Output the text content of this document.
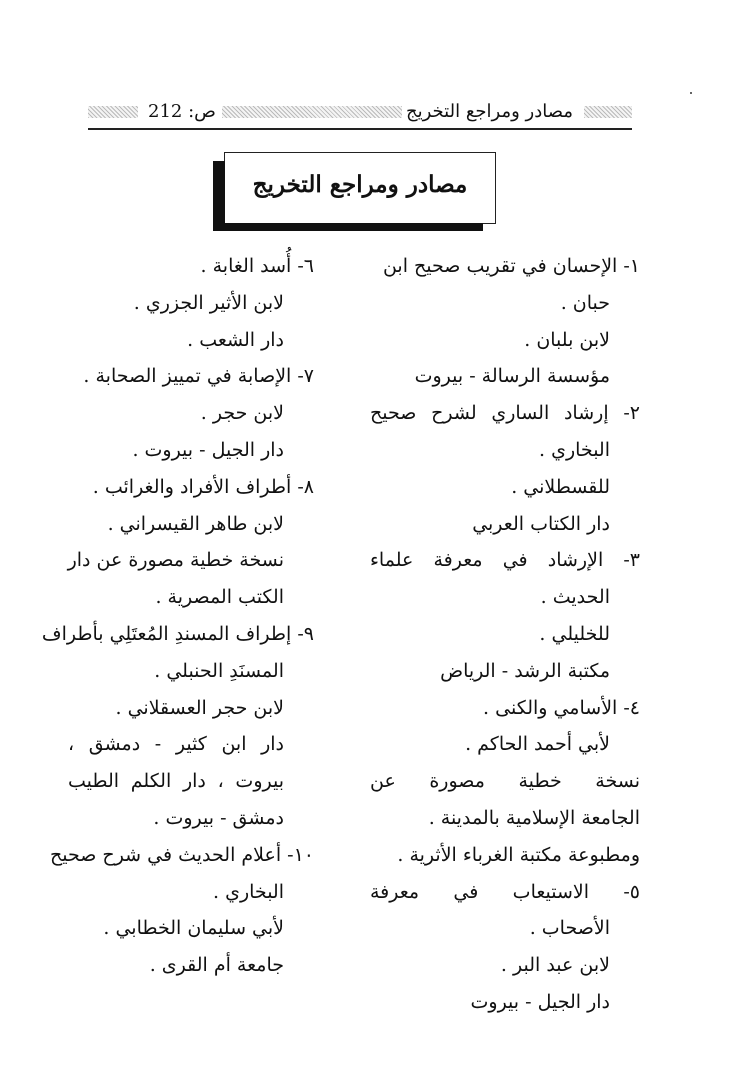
ص: 212	مصادر ومراجع التخريج
مصادر ومراجع التخريج
١- الإحسان في تقريب صحيح ابن
حبان .
لابن بلبان .
مؤسسة الرسالة - بيروت
٢- إرشاد الساري لشرح صحيح
البخاري .
للقسطلاني .
دار الكتاب العربي
٣- الإرشاد في معرفة علماء
الحديث .
للخليلي .
مكتبة الرشد - الرياض
٤- الأسامي والكنى .
لأبي أحمد الحاكم .
نسخة خطية مصورة عن
الجامعة الإسلامية بالمدينة .
ومطبوعة مكتبة الغرباء الأثرية .
٥- الاستيعاب في معرفة
الأصحاب .
لابن عبد البر .
دار الجيل - بيروت
٦- أُسد الغابة .
لابن الأثير الجزري .
دار الشعب .
٧- الإصابة في تمييز الصحابة .
لابن حجر .
دار الجيل - بيروت .
٨- أطراف الأفراد والغرائب .
لابن طاهر القيسراني .
نسخة خطية مصورة عن دار
الكتب المصرية .
٩- إطراف المسندِ المُعتَلِي بأطراف
المسنَدِ الحنبلي .
لابن حجر العسقلاني .
دار ابن كثير - دمشق ،
بيروت ، دار الكلم الطيب
دمشق - بيروت .
١٠- أعلام الحديث في شرح صحيح
البخاري .
لأبي سليمان الخطابي .
جامعة أم القرى .
